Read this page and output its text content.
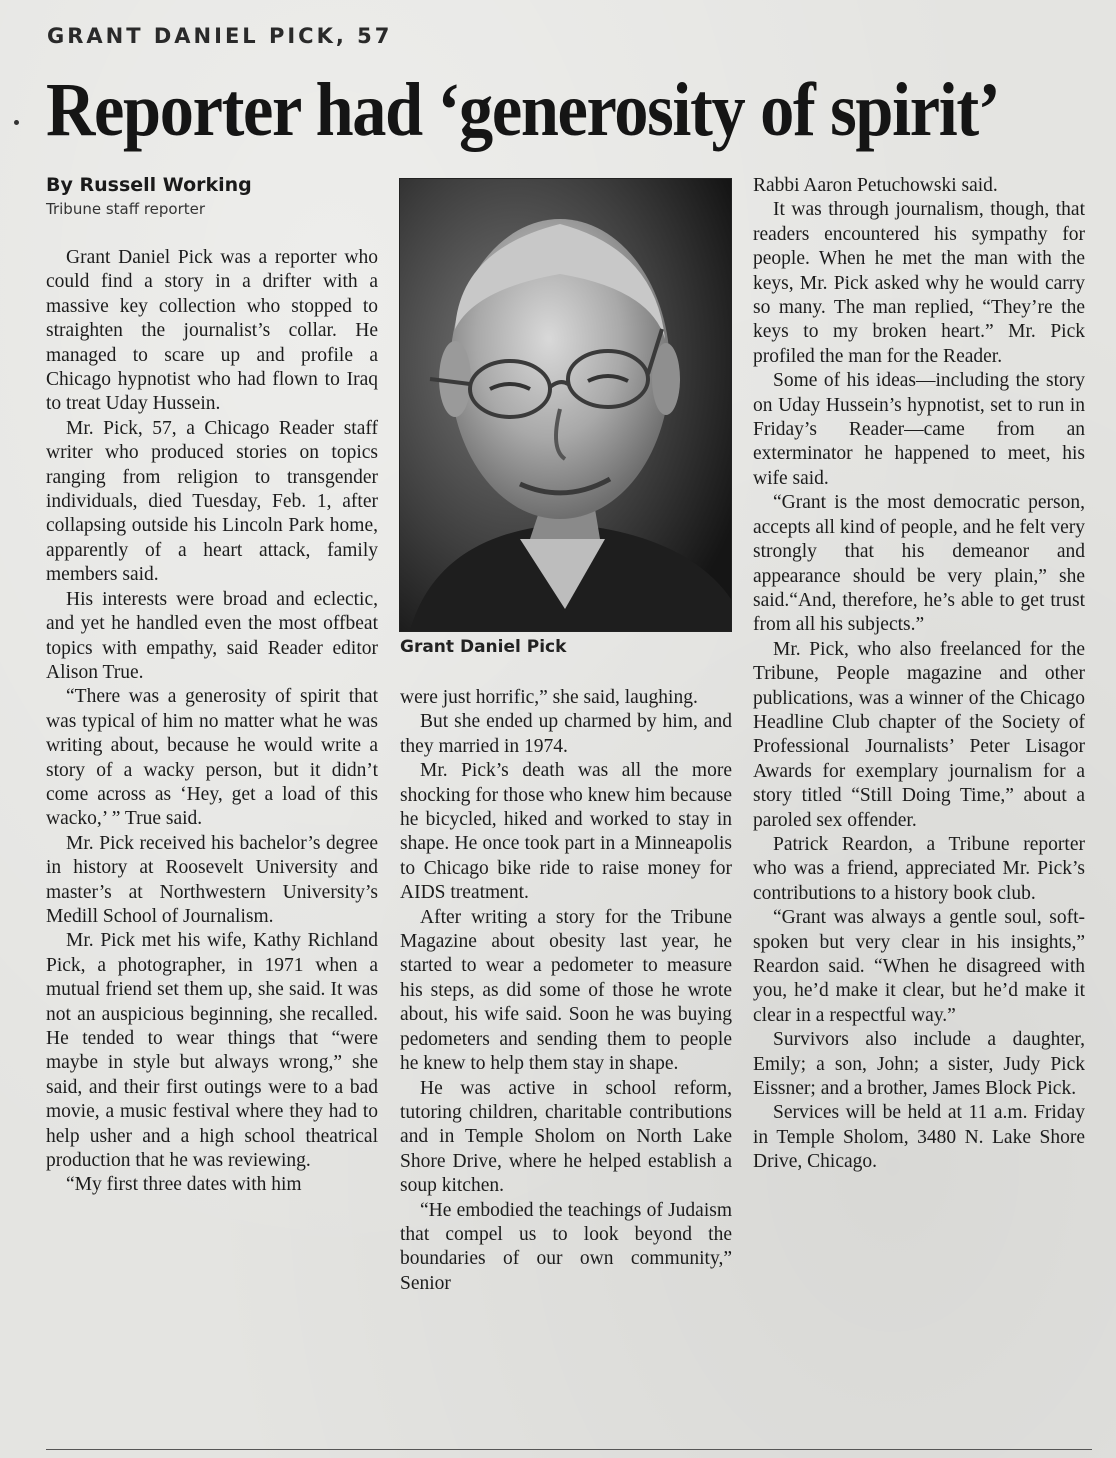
GRANT DANIEL PICK, 57
Reporter had ‘generosity of spirit’
By Russell Working
Tribune staff reporter

Grant Daniel Pick was a reporter who could find a story in a drifter with a massive key collection who stopped to straighten the journalist’s collar. He managed to scare up and profile a Chicago hypnotist who had flown to Iraq to treat Uday Hussein.

Mr. Pick, 57, a Chicago Reader staff writer who produced stories on topics ranging from religion to transgender individuals, died Tuesday, Feb. 1, after collapsing outside his Lincoln Park home, apparently of a heart attack, family members said.

His interests were broad and eclectic, and yet he handled even the most offbeat topics with empathy, said Reader editor Alison True.

“There was a generosity of spirit that was typical of him no matter what he was writing about, because he would write a story of a wacky person, but it didn’t come across as ‘Hey, get a load of this wacko,’ ” True said.

Mr. Pick received his bachelor’s degree in history at Roosevelt University and master’s at Northwestern University’s Medill School of Journalism.

Mr. Pick met his wife, Kathy Richland Pick, a photographer, in 1971 when a mutual friend set them up, she said. It was not an auspicious beginning, she recalled. He tended to wear things that “were maybe in style but always wrong,” she said, and their first outings were to a bad movie, a music festival where they had to help usher and a high school theatrical production that he was reviewing.

“My first three dates with him

Grant Daniel Pick

were just horrific,” she said, laughing.

But she ended up charmed by him, and they married in 1974.

Mr. Pick’s death was all the more shocking for those who knew him because he bicycled, hiked and worked to stay in shape. He once took part in a Minneapolis to Chicago bike ride to raise money for AIDS treatment.

After writing a story for the Tribune Magazine about obesity last year, he started to wear a pedometer to measure his steps, as did some of those he wrote about, his wife said. Soon he was buying pedometers and sending them to people he knew to help them stay in shape.

He was active in school reform, tutoring children, charitable contributions and in Temple Sholom on North Lake Shore Drive, where he helped establish a soup kitchen.

“He embodied the teachings of Judaism that compel us to look beyond the boundaries of our own community,” Senior

Rabbi Aaron Petuchowski said.

It was through journalism, though, that readers encountered his sympathy for people. When he met the man with the keys, Mr. Pick asked why he would carry so many. The man replied, “They’re the keys to my broken heart.” Mr. Pick profiled the man for the Reader.

Some of his ideas—including the story on Uday Hussein’s hypnotist, set to run in Friday’s Reader—came from an exterminator he happened to meet, his wife said.

“Grant is the most democratic person, accepts all kind of people, and he felt very strongly that his demeanor and appearance should be very plain,” she said.“And, therefore, he’s able to get trust from all his subjects.”

Mr. Pick, who also freelanced for the Tribune, People magazine and other publications, was a winner of the Chicago Headline Club chapter of the Society of Professional Journalists’ Peter Lisagor Awards for exemplary journalism for a story titled “Still Doing Time,” about a paroled sex offender.

Patrick Reardon, a Tribune reporter who was a friend, appreciated Mr. Pick’s contributions to a history book club.

“Grant was always a gentle soul, soft-spoken but very clear in his insights,” Reardon said. “When he disagreed with you, he’d make it clear, but he’d make it clear in a respectful way.”

Survivors also include a daughter, Emily; a son, John; a sister, Judy Pick Eissner; and a brother, James Block Pick.

Services will be held at 11 a.m. Friday in Temple Sholom, 3480 N. Lake Shore Drive, Chicago.
